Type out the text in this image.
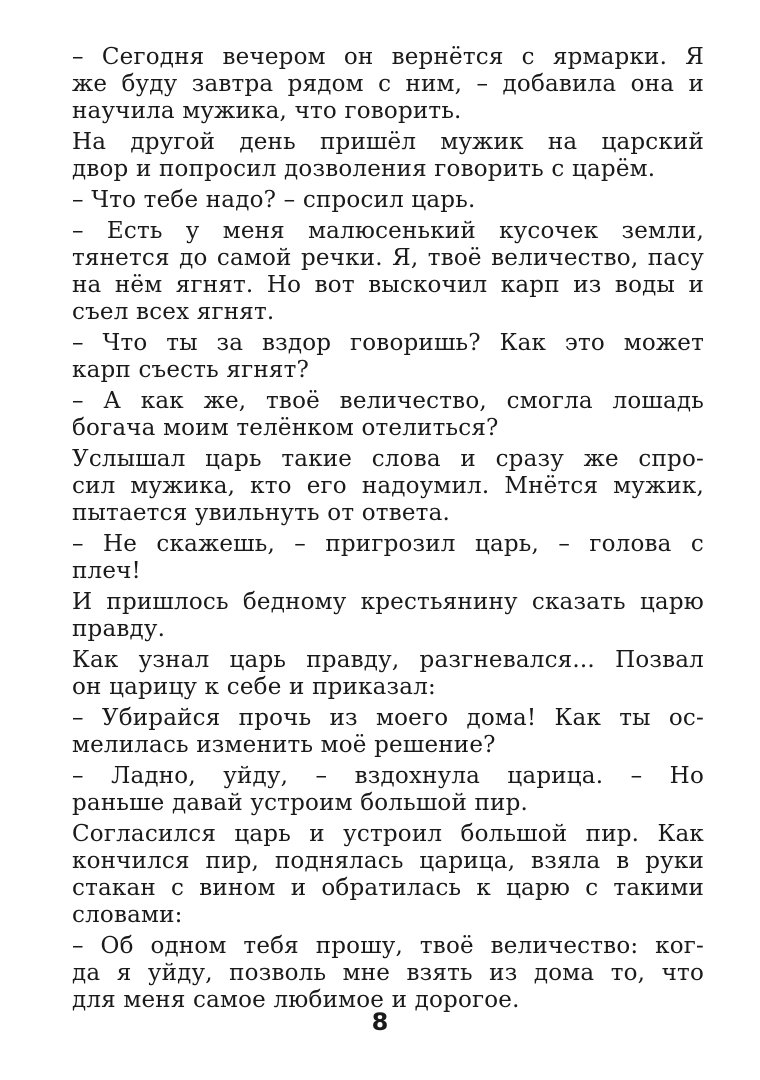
– Сегодня вечером он вернётся с ярмарки. Я
же буду завтра рядом с ним, – добавила она и
научила мужика, что говорить.
На другой день пришёл мужик на царский
двор и попросил дозволения говорить с царём.
– Что тебе надо? – спросил царь.
– Есть у меня малюсенький кусочек земли,
тянется до самой речки. Я, твоё величество, пасу
на нём ягнят. Но вот выскочил карп из воды и
съел всех ягнят.
– Что ты за вздор говоришь? Как это может
карп съесть ягнят?
– А как же, твоё величество, смогла лошадь
богача моим телёнком отелиться?
Услышал царь такие слова и сразу же спро-
сил мужика, кто его надоумил. Мнётся мужик,
пытается увильнуть от ответа.
– Не скажешь, – пригрозил царь, – голова с
плеч!
И пришлось бедному крестьянину сказать царю
правду.
Как узнал царь правду, разгневался... Позвал
он царицу к себе и приказал:
– Убирайся прочь из моего дома! Как ты ос-
мелилась изменить моё решение?
– Ладно, уйду, – вздохнула царица. – Но
раньше давай устроим большой пир.
Согласился царь и устроил большой пир. Как
кончился пир, поднялась царица, взяла в руки
стакан с вином и обратилась к царю с такими
словами:
– Об одном тебя прошу, твоё величество: ког-
да я уйду, позволь мне взять из дома то, что
для меня самое любимое и дорогое.
8
